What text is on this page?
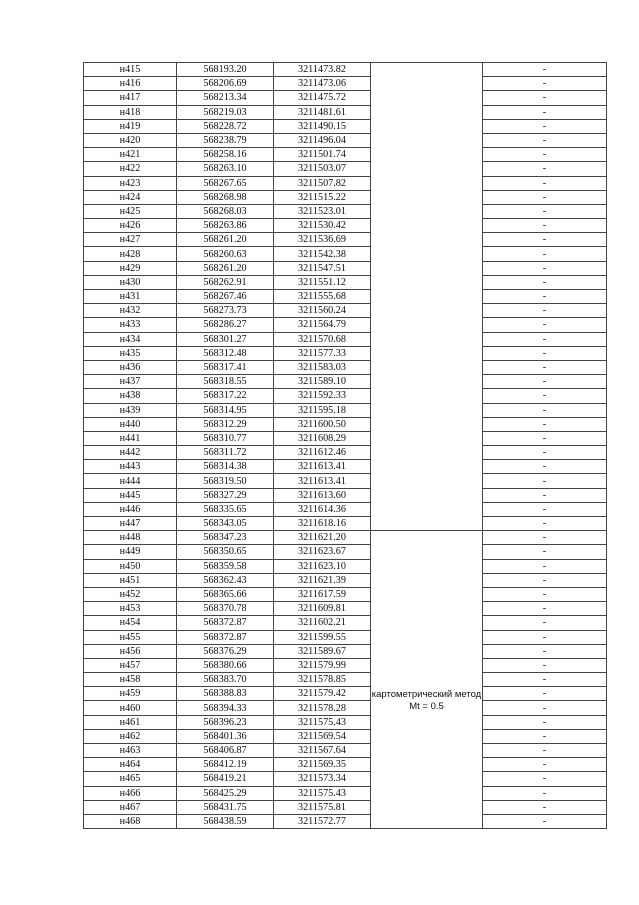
н415	568193.20	3211473.82		-
н416	568206.69	3211473.06		-
н417	568213.34	3211475.72		-
н418	568219.03	3211481.61		-
н419	568228.72	3211490.15		-
н420	568238.79	3211496.04		-
н421	568258.16	3211501.74		-
н422	568263.10	3211503.07		-
н423	568267.65	3211507.82		-
н424	568268.98	3211515.22		-
н425	568268.03	3211523.01		-
н426	568263.86	3211530.42		-
н427	568261.20	3211536.69		-
н428	568260.63	3211542.38		-
н429	568261.20	3211547.51		-
н430	568262.91	3211551.12		-
н431	568267.46	3211555.68		-
н432	568273.73	3211560.24		-
н433	568286.27	3211564.79		-
н434	568301.27	3211570.68		-
н435	568312.48	3211577.33		-
н436	568317.41	3211583.03		-
н437	568318.55	3211589.10		-
н438	568317.22	3211592.33		-
н439	568314.95	3211595.18		-
н440	568312.29	3211600.50		-
н441	568310.77	3211608.29		-
н442	568311.72	3211612.46		-
н443	568314.38	3211613.41		-
н444	568319.50	3211613.41		-
н445	568327.29	3211613.60		-
н446	568335.65	3211614.36		-
н447	568343.05	3211618.16		-
н448	568347.23	3211621.20		-
н449	568350.65	3211623.67		-
н450	568359.58	3211623.10		-
н451	568362.43	3211621.39		-
н452	568365.66	3211617.59		-
н453	568370.78	3211609.81		-
н454	568372.87	3211602.21		-
н455	568372.87	3211599.55		-
н456	568376.29	3211589.67		-
н457	568380.66	3211579.99		-
н458	568383.70	3211578.85		-
н459	568388.83	3211579.42	картометрический метод Mt = 0.5	-
н460	568394.33	3211578.28		-
н461	568396.23	3211575.43		-
н462	568401.36	3211569.54		-
н463	568406.87	3211567.64		-
н464	568412.19	3211569.35		-
н465	568419.21	3211573.34		-
н466	568425.29	3211575.43		-
н467	568431.75	3211575.81		-
н468	568438.59	3211572.77		-
